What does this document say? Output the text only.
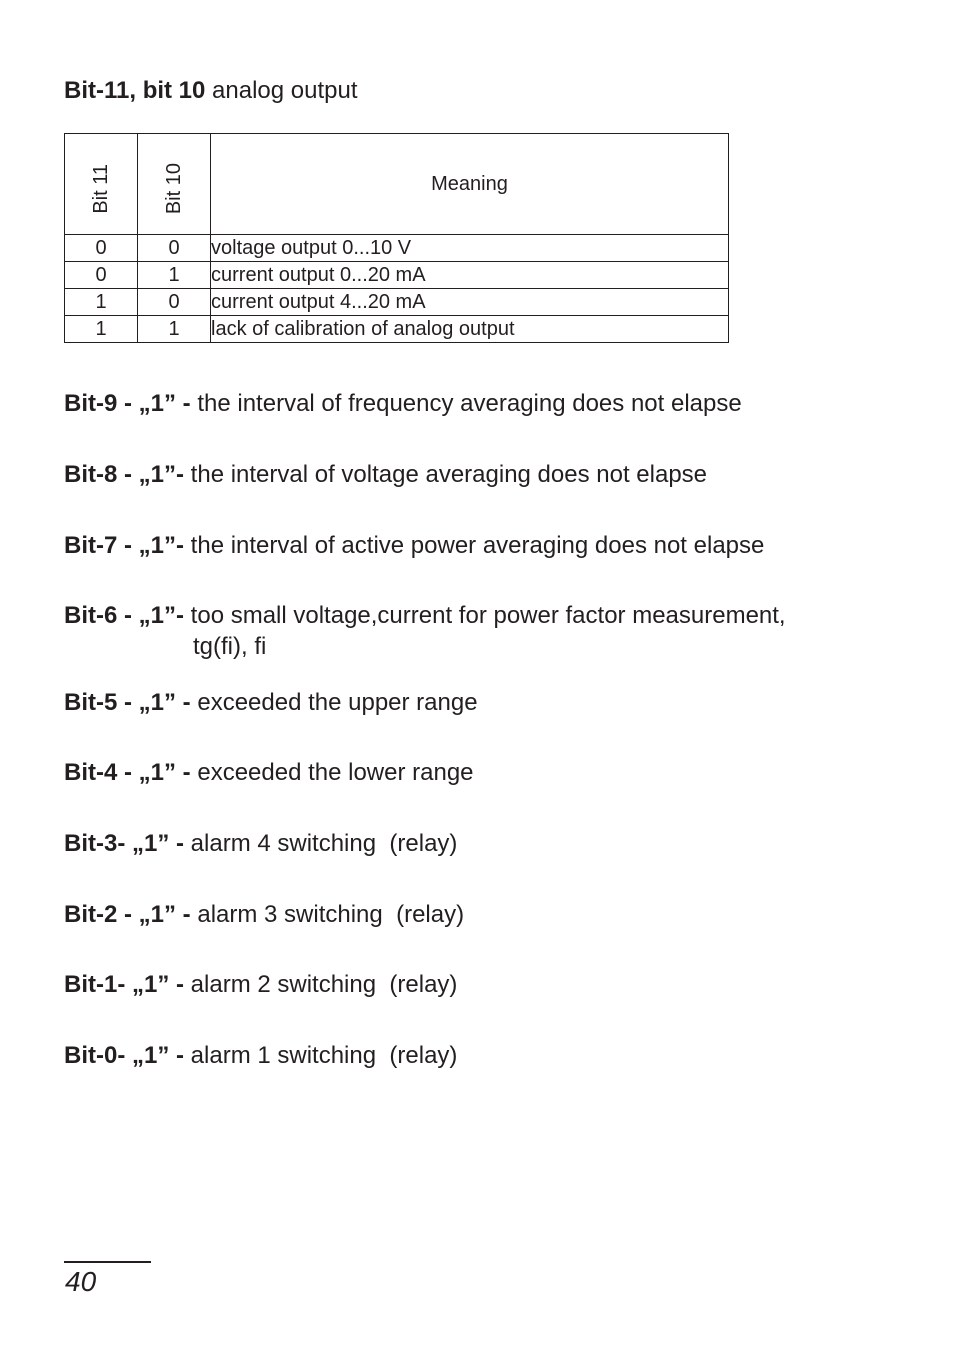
Bit-11, bit 10 analog output
Bit 11	Bit 10	Meaning
0	0	voltage output 0...10 V
0	1	current output 0...20 mA
1	0	current output 4...20 mA
1	1	lack of calibration of analog output
Bit-9 - „1” - the interval of frequency averaging does not elapse
Bit-8 - „1”- the interval of voltage averaging does not elapse
Bit-7 - „1”- the interval of active power averaging does not elapse
Bit-6 - „1”- too small voltage,current for power factor measurement,
tg(fi), fi
Bit-5 - „1” - exceeded the upper range
Bit-4 - „1” - exceeded the lower range
Bit-3- „1” - alarm 4 switching  (relay)
Bit-2 - „1” - alarm 3 switching  (relay)
Bit-1- „1” - alarm 2 switching  (relay)
Bit-0- „1” - alarm 1 switching  (relay)
40
